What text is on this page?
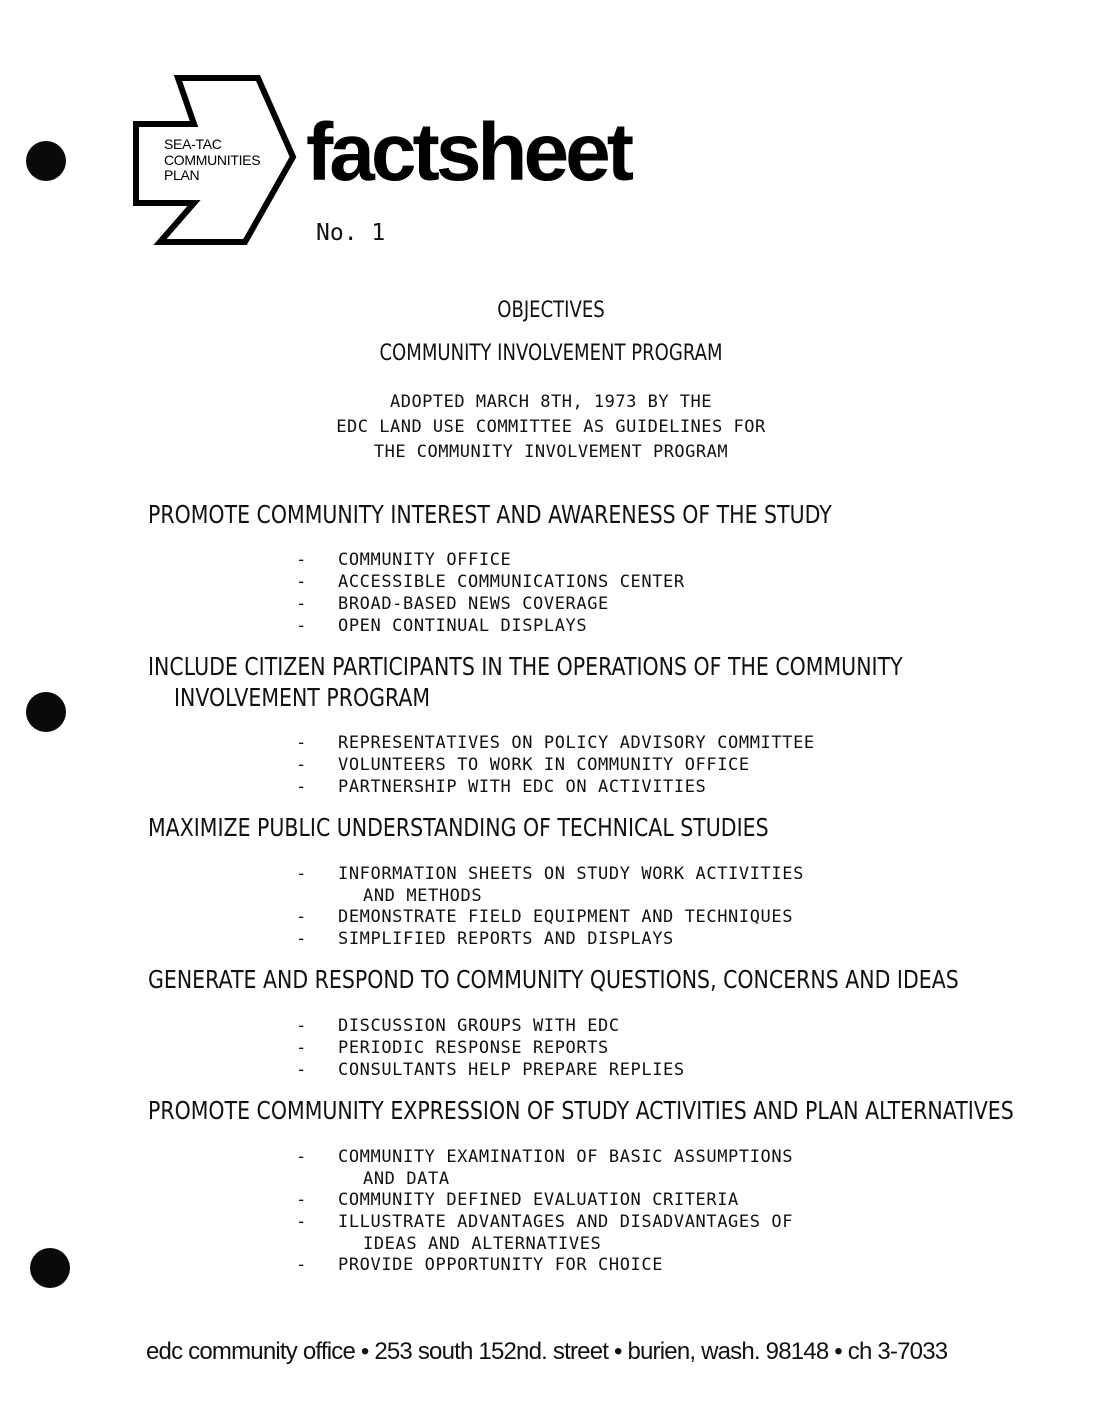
SEA-TAC
COMMUNITIES
PLAN factsheet
No. 1
OBJECTIVES
COMMUNITY INVOLVEMENT PROGRAM
ADOPTED MARCH 8TH, 1973 BY THE
EDC LAND USE COMMITTEE AS GUIDELINES FOR
THE COMMUNITY INVOLVEMENT PROGRAM
PROMOTE COMMUNITY INTEREST AND AWARENESS OF THE STUDY
- COMMUNITY OFFICE
- ACCESSIBLE COMMUNICATIONS CENTER
- BROAD-BASED NEWS COVERAGE
- OPEN CONTINUAL DISPLAYS
INCLUDE CITIZEN PARTICIPANTS IN THE OPERATIONS OF THE COMMUNITY
INVOLVEMENT PROGRAM
- REPRESENTATIVES ON POLICY ADVISORY COMMITTEE
- VOLUNTEERS TO WORK IN COMMUNITY OFFICE
- PARTNERSHIP WITH EDC ON ACTIVITIES
MAXIMIZE PUBLIC UNDERSTANDING OF TECHNICAL STUDIES
- INFORMATION SHEETS ON STUDY WORK ACTIVITIES
AND METHODS
- DEMONSTRATE FIELD EQUIPMENT AND TECHNIQUES
- SIMPLIFIED REPORTS AND DISPLAYS
GENERATE AND RESPOND TO COMMUNITY QUESTIONS, CONCERNS AND IDEAS
- DISCUSSION GROUPS WITH EDC
- PERIODIC RESPONSE REPORTS
- CONSULTANTS HELP PREPARE REPLIES
PROMOTE COMMUNITY EXPRESSION OF STUDY ACTIVITIES AND PLAN ALTERNATIVES
- COMMUNITY EXAMINATION OF BASIC ASSUMPTIONS
AND DATA
- COMMUNITY DEFINED EVALUATION CRITERIA
- ILLUSTRATE ADVANTAGES AND DISADVANTAGES OF
IDEAS AND ALTERNATIVES
- PROVIDE OPPORTUNITY FOR CHOICE
edc community office • 253 south 152nd. street • burien, wash. 98148 • ch 3-7033
